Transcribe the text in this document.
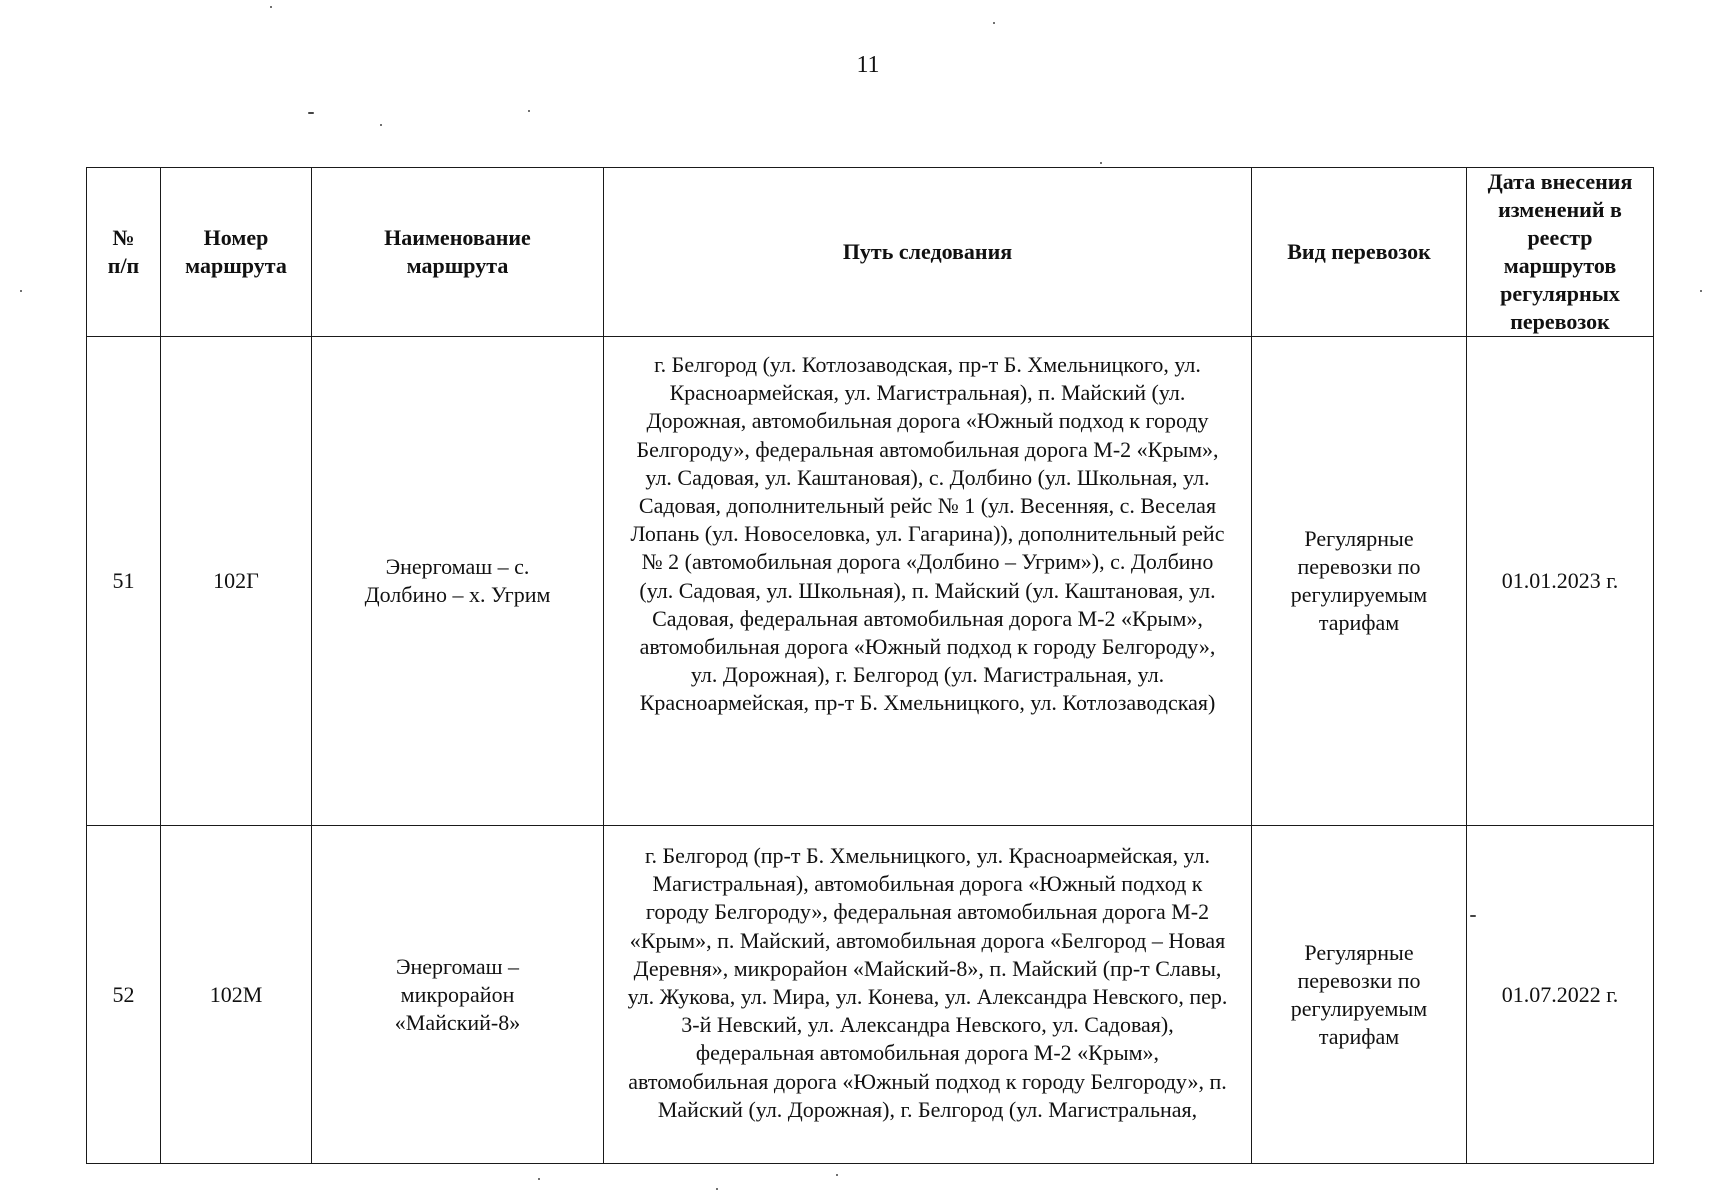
11
№ п/п	Номер маршрута	Наименование маршрута	Путь следования	Вид перевозок	Дата внесения изменений в реестр маршрутов регулярных перевозок
51	102Г	Энергомаш – с. Долбино – х. Угрим	г. Белгород (ул. Котлозаводская, пр-т Б. Хмельницкого, ул. Красноармейская, ул. Магистральная), п. Майский (ул. Дорожная, автомобильная дорога «Южный подход к городу Белгороду», федеральная автомобильная дорога М-2 «Крым», ул. Садовая, ул. Каштановая), с. Долбино (ул. Школьная, ул. Садовая, дополнительный рейс № 1 (ул. Весенняя, с. Веселая Лопань (ул. Новоселовка, ул. Гагарина)), дополнительный рейс № 2 (автомобильная дорога «Долбино – Угрим»), с. Долбино (ул. Садовая, ул. Школьная), п. Майский (ул. Каштановая, ул. Садовая, федеральная автомобильная дорога М-2 «Крым», автомобильная дорога «Южный подход к городу Белгороду», ул. Дорожная), г. Белгород (ул. Магистральная, ул. Красноармейская, пр-т Б. Хмельницкого, ул. Котлозаводская)	Регулярные перевозки по регулируемым тарифам	01.01.2023 г.
52	102М	Энергомаш – микрорайон «Майский-8»	г. Белгород (пр-т Б. Хмельницкого, ул. Красноармейская, ул. Магистральная), автомобильная дорога «Южный подход к городу Белгороду», федеральная автомобильная дорога М-2 «Крым», п. Майский, автомобильная дорога «Белгород – Новая Деревня», микрорайон «Майский-8», п. Майский (пр-т Славы, ул. Жукова, ул. Мира, ул. Конева, ул. Александра Невского, пер. 3-й Невский, ул. Александра Невского, ул. Садовая), федеральная автомобильная дорога М-2 «Крым», автомобильная дорога «Южный подход к городу Белгороду», п. Майский (ул. Дорожная), г. Белгород (ул. Магистральная,	Регулярные перевозки по регулируемым тарифам	01.07.2022 г.
